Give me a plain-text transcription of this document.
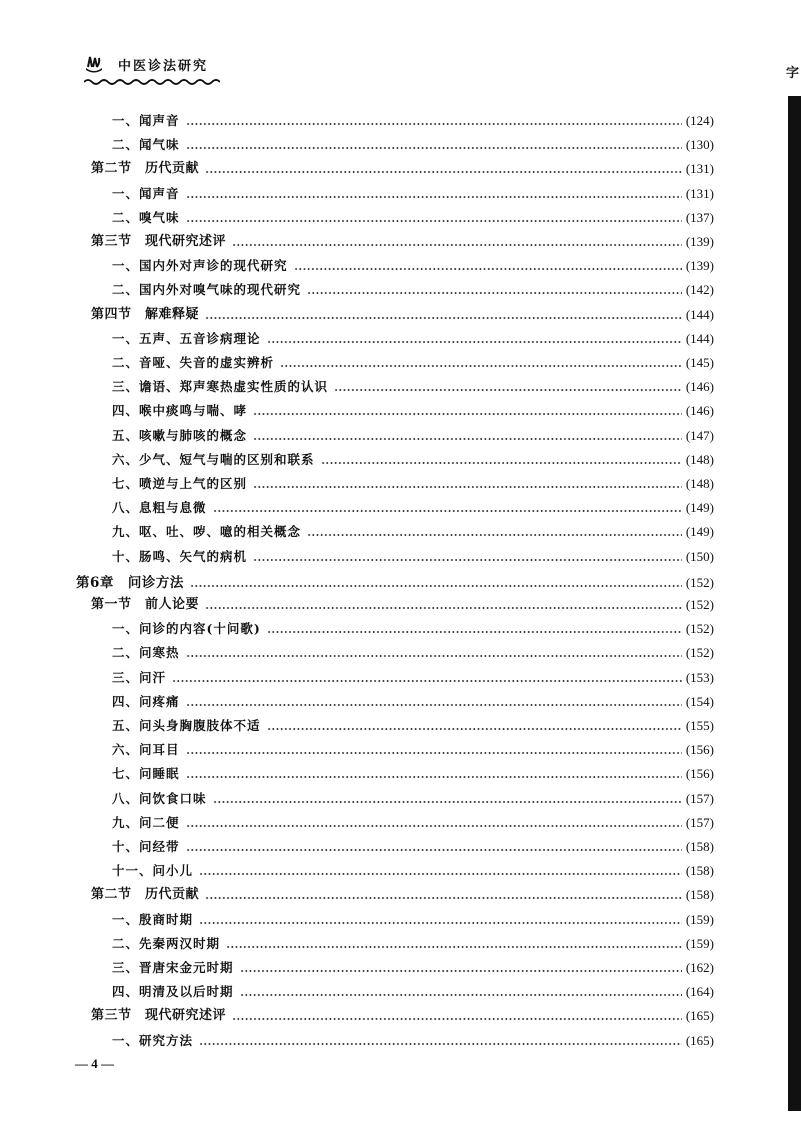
中医诊法研究
一、闻声音	(124)
二、闻气味	(130)
第二节　历代贡献	(131)
一、闻声音	(131)
二、嗅气味	(137)
第三节　现代研究述评	(139)
一、国内外对声诊的现代研究	(139)
二、国内外对嗅气味的现代研究	(142)
第四节　解难释疑	(144)
一、五声、五音诊病理论	(144)
二、音哑、失音的虚实辨析	(145)
三、谵语、郑声寒热虚实性质的认识	(146)
四、喉中痰鸣与喘、哮	(146)
五、咳嗽与肺咳的概念	(147)
六、少气、短气与喘的区别和联系	(148)
七、喷逆与上气的区别	(148)
八、息粗与息微	(149)
九、呕、吐、哕、噫的相关概念	(149)
十、肠鸣、矢气的病机	(150)
第6章　问诊方法	(152)
第一节　前人论要	(152)
一、问诊的内容(十问歌)	(152)
二、问寒热	(152)
三、问汗	(153)
四、问疼痛	(154)
五、问头身胸腹肢体不适	(155)
六、问耳目	(156)
七、问睡眠	(156)
八、问饮食口味	(157)
九、问二便	(157)
十、问经带	(158)
十一、问小儿	(158)
第二节　历代贡献	(158)
一、殷商时期	(159)
二、先秦两汉时期	(159)
三、晋唐宋金元时期	(162)
四、明清及以后时期	(164)
第三节　现代研究述评	(165)
一、研究方法	(165)
— 4 —
字
